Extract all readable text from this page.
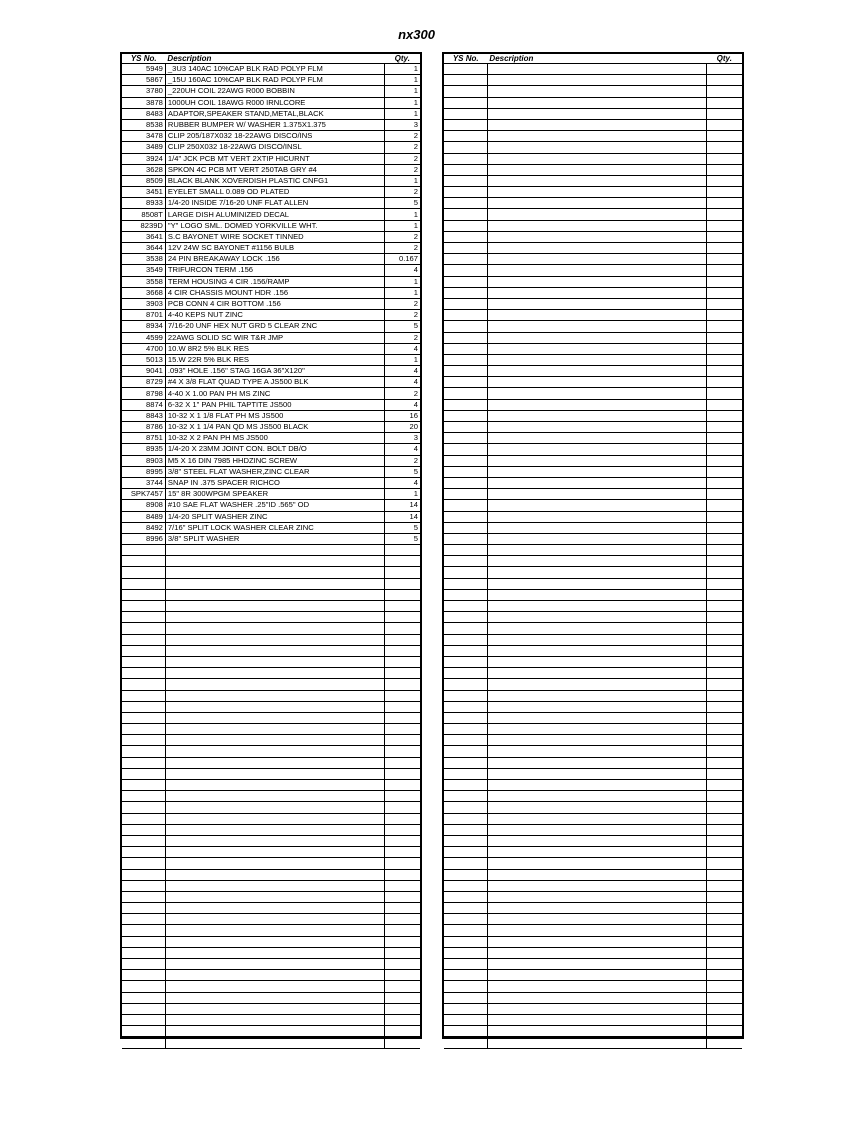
nx300
YS No.	Description	Qty.
5949	_3U3 140AC 10%CAP BLK RAD POLYP FLM	1
5867	_15U 160AC 10%CAP BLK RAD POLYP FLM	1
3780	_220UH COIL 22AWG R000 BOBBIN	1
3878	1000UH COIL 18AWG R000 IRNLCORE	1
8483	ADAPTOR,SPEAKER STAND,METAL,BLACK	1
8538	RUBBER BUMPER W/ WASHER 1.375X1.375	3
3478	CLIP 205/187X032 18-22AWG DISCO/INS	2
3489	CLIP 250X032 18-22AWG DISCO/INSL	2
3924	1/4" JCK PCB MT VERT 2XTIP HICURNT	2
3628	SPKON 4C PCB MT VERT 250TAB GRY #4	2
8509	BLACK BLANK XOVERDISH PLASTIC CNFG1	1
3451	EYELET SMALL 0.089 OD PLATED	2
8933	1/4-20 INSIDE 7/16-20 UNF FLAT ALLEN	5
8508T	LARGE DISH ALUMINIZED DECAL	1
8239D	"Y" LOGO SML. DOMED YORKVILLE WHT.	1
3641	S.C BAYONET WIRE SOCKET TINNED	2
3644	12V 24W SC BAYONET #1156 BULB	2
3538	24 PIN BREAKAWAY LOCK .156	0.167
3549	TRIFURCON TERM .156	4
3558	TERM HOUSING 4 CIR .156/RAMP	1
3668	4 CIR CHASSIS MOUNT HDR .156	1
3903	PCB CONN 4 CIR BOTTOM .156	2
8701	4-40 KEPS NUT ZINC	2
8934	7/16-20 UNF HEX NUT GRD 5 CLEAR ZNC	5
4599	22AWG SOLID SC WIR T&R JMP	2
4700	10.W 8R2 5% BLK RES	4
5013	15.W 22R 5% BLK RES	1
9041	.093" HOLE .156" STAG 16GA 36"X120"	4
8729	#4 X 3/8 FLAT QUAD TYPE A JS500 BLK	4
8798	4-40 X 1.00 PAN PH MS ZINC	2
8874	6-32 X 1" PAN PHIL TAPTITE JS500	4
8843	10-32 X 1 1/8 FLAT PH MS JS500	16
8786	10-32 X 1 1/4 PAN QD MS JS500 BLACK	20
8751	10-32 X 2 PAN PH MS JS500	3
8935	1/4-20 X 23MM JOINT CON. BOLT DB/O	4
8903	M5 X 16 DIN 7985 HHDZINC SCREW	2
8995	3/8" STEEL FLAT WASHER,ZINC CLEAR	5
3744	SNAP IN .375 SPACER RICHCO	4
SPK7457	15" 8R 300WPGM SPEAKER	1
8908	#10 SAE FLAT WASHER .25"ID .565" OD	14
8489	1/4-20 SPLIT WASHER ZINC	14
8492	7/16" SPLIT LOCK WASHER CLEAR ZINC	5
8996	3/8" SPLIT WASHER	5

YS No.	Description	Qty.
